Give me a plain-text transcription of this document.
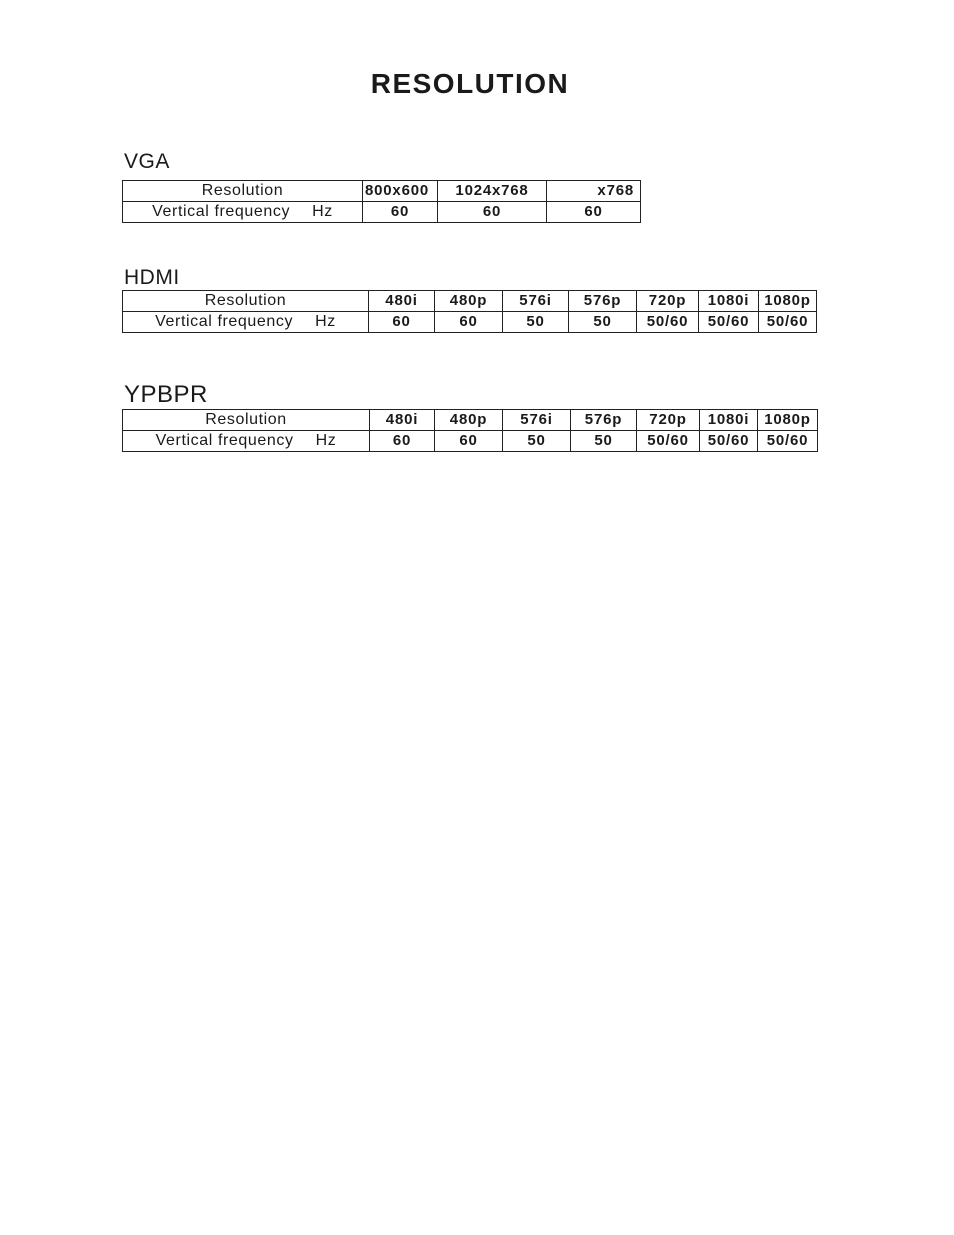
RESOLUTION
VGA
Resolution	800x600	1024x768	x768
Vertical frequency Hz	60	60	60
HDMI
Resolution	480i	480p	576i	576p	720p	1080i	1080p
Vertical frequency Hz	60	60	50	50	50/60	50/60	50/60
YPBPR
Resolution	480i	480p	576i	576p	720p	1080i	1080p
Vertical frequency Hz	60	60	50	50	50/60	50/60	50/60
